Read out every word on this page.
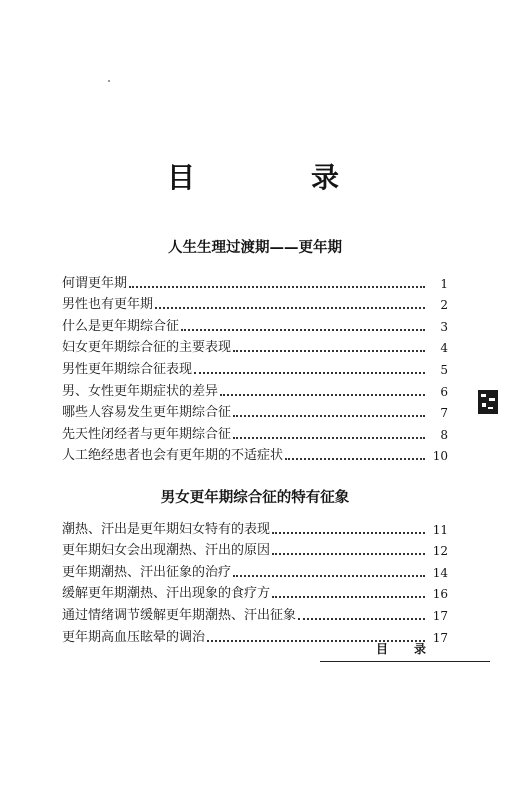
目　录
人生生理过渡期——更年期
何谓更年期	1
男性也有更年期	2
什么是更年期综合征	3
妇女更年期综合征的主要表现	4
男性更年期综合征表现	5
男、女性更年期症状的差异	6
哪些人容易发生更年期综合征	7
先天性闭经者与更年期综合征	8
人工绝经患者也会有更年期的不适症状	10
男女更年期综合征的特有征象
潮热、汗出是更年期妇女特有的表现	11
更年期妇女会出现潮热、汗出的原因	12
更年期潮热、汗出征象的治疗	14
缓解更年期潮热、汗出现象的食疗方	16
通过情绪调节缓解更年期潮热、汗出征象	17
更年期高血压眩晕的调治	17
目录
